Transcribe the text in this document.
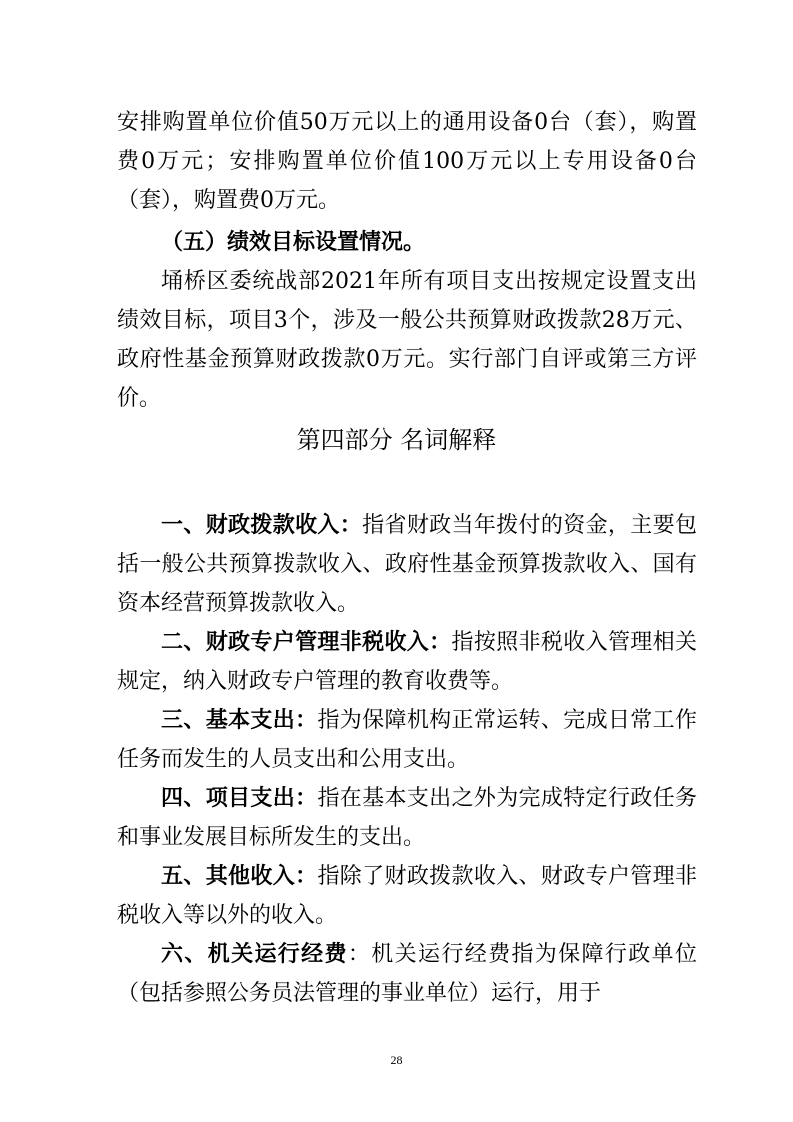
安排购置单位价值50万元以上的通用设备0台（套），购置费0万元；安排购置单位价值100万元以上专用设备0台（套），购置费0万元。

（五）绩效目标设置情况。

埇桥区委统战部2021年所有项目支出按规定设置支出绩效目标，项目3个，涉及一般公共预算财政拨款28万元、政府性基金预算财政拨款0万元。实行部门自评或第三方评价。

第四部分 名词解释

一、财政拨款收入：指省财政当年拨付的资金，主要包括一般公共预算拨款收入、政府性基金预算拨款收入、国有资本经营预算拨款收入。

二、财政专户管理非税收入：指按照非税收入管理相关规定，纳入财政专户管理的教育收费等。

三、基本支出：指为保障机构正常运转、完成日常工作任务而发生的人员支出和公用支出。

四、项目支出：指在基本支出之外为完成特定行政任务和事业发展目标所发生的支出。

五、其他收入：指除了财政拨款收入、财政专户管理非税收入等以外的收入。

六、机关运行经费：机关运行经费指为保障行政单位（包括参照公务员法管理的事业单位）运行，用于

28
